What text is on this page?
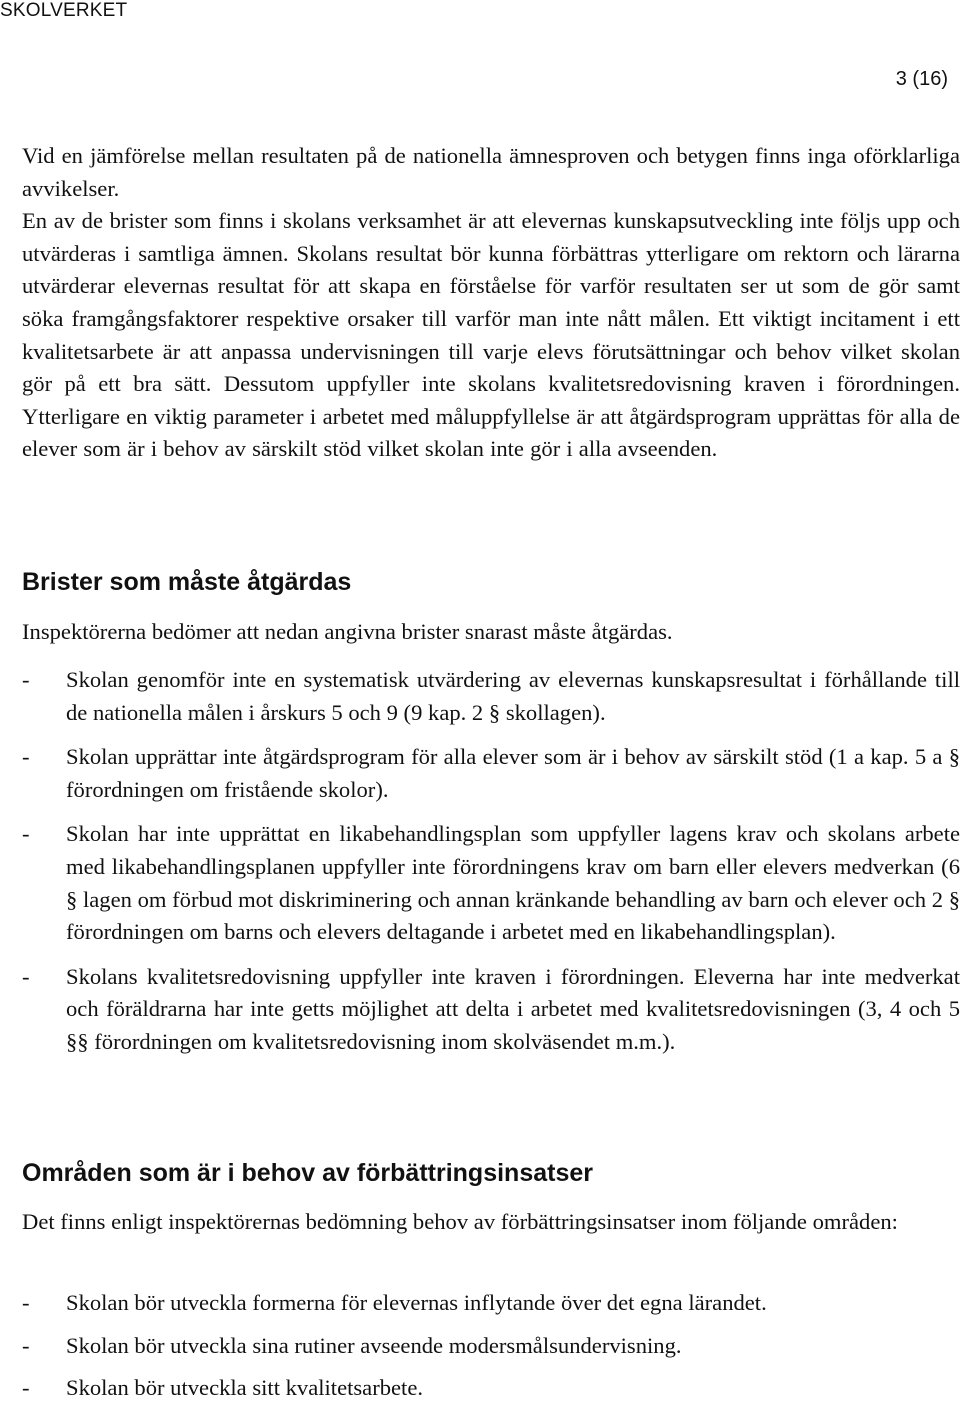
SKOLVERKET
3 (16)

Vid en jämförelse mellan resultaten på de nationella ämnesproven och betygen finns inga oförklarliga avvikelser.

En av de brister som finns i skolans verksamhet är att elevernas kunskapsutveckling inte följs upp och utvärderas i samtliga ämnen. Skolans resultat bör kunna förbättras ytterligare om rektorn och lärarna utvärderar elevernas resultat för att skapa en förståelse för varför resultaten ser ut som de gör samt söka framgångsfaktorer respektive orsaker till varför man inte nått målen. Ett viktigt incitament i ett kvalitetsarbete är att anpassa undervisningen till varje elevs förutsättningar och behov vilket skolan gör på ett bra sätt. Dessutom uppfyller inte skolans kvalitetsredovisning kraven i förordningen. Ytterligare en viktig parameter i arbetet med måluppfyllelse är att åtgärdsprogram upprättas för alla de elever som är i behov av särskilt stöd vilket skolan inte gör i alla avseenden.

Brister som måste åtgärdas
Inspektörerna bedömer att nedan angivna brister snarast måste åtgärdas.
- Skolan genomför inte en systematisk utvärdering av elevernas kunskapsresultat i förhållande till de nationella målen i årskurs 5 och 9 (9 kap. 2 § skollagen).
- Skolan upprättar inte åtgärdsprogram för alla elever som är i behov av särskilt stöd (1 a kap. 5 a § förordningen om fristående skolor).
- Skolan har inte upprättat en likabehandlingsplan som uppfyller lagens krav och skolans arbete med likabehandlingsplanen uppfyller inte förordningens krav om barn eller elevers medverkan (6 § lagen om förbud mot diskriminering och annan kränkande behandling av barn och elever och 2 § förordningen om barns och elevers deltagande i arbetet med en likabehandlingsplan).
- Skolans kvalitetsredovisning uppfyller inte kraven i förordningen. Eleverna har inte medverkat och föräldrarna har inte getts möjlighet att delta i arbetet med kvalitetsredovisningen (3, 4 och 5 §§ förordningen om kvalitetsredovisning inom skolväsendet m.m.).
Områden som är i behov av förbättringsinsatser
Det finns enligt inspektörernas bedömning behov av förbättringsinsatser inom följande områden:
- Skolan bör utveckla formerna för elevernas inflytande över det egna lärandet.
- Skolan bör utveckla sina rutiner avseende modersmålsundervisning.
- Skolan bör utveckla sitt kvalitetsarbete.
